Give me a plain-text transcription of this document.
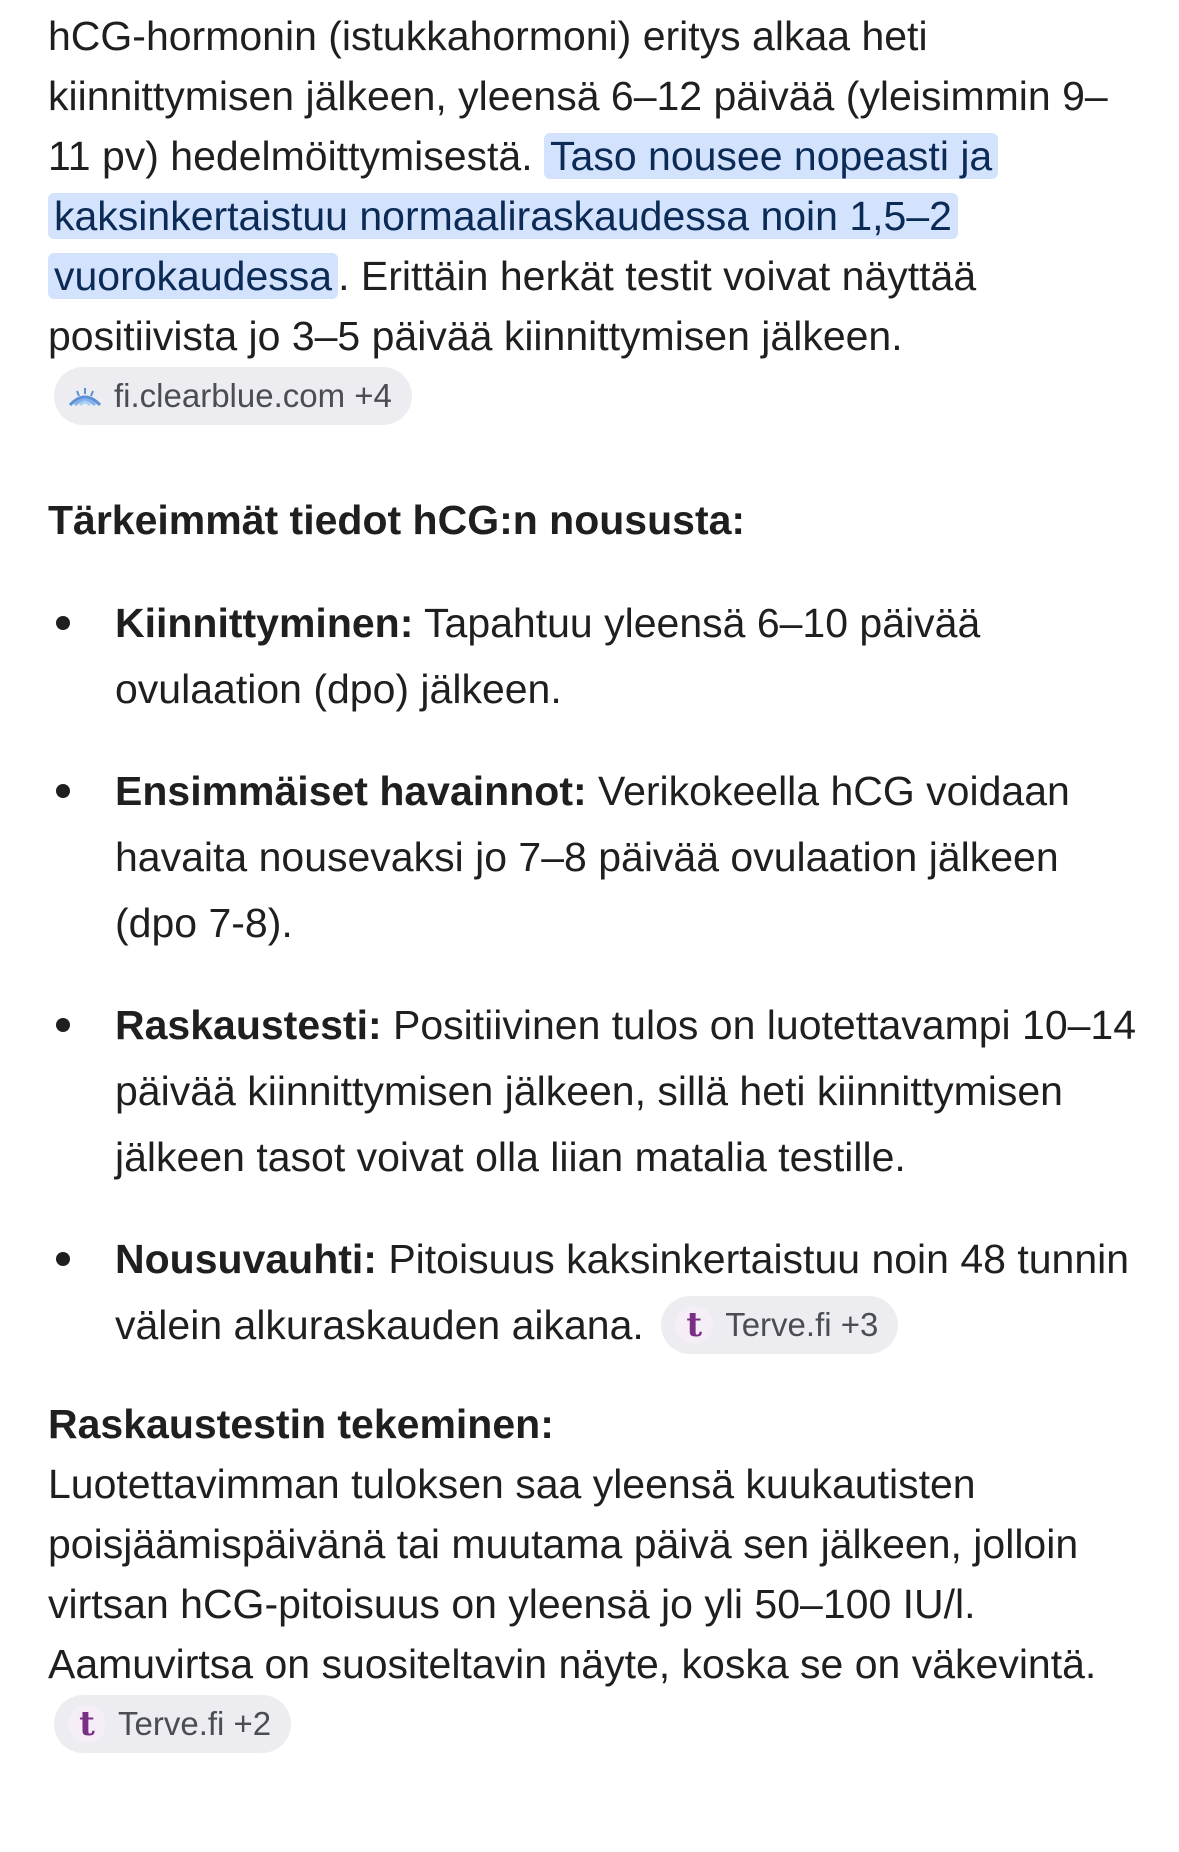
hCG-hormonin (istukkahormoni) eritys alkaa heti kiinnittymisen jälkeen, yleensä 6–12 päivää (yleisimmin 9–11 pv) hedelmöittymisestä. Taso nousee nopeasti ja kaksinkertaistuu normaaliraskaudessa noin 1,5–2 vuorokaudessa . Erittäin herkät testit voivat näyttää positiivista jo 3–5 päivää kiinnittymisen jälkeen.
fi.clearblue.com +4

Tärkeimmät tiedot hCG:n noususta:
Kiinnittyminen: Tapahtuu yleensä 6–10 päivää ovulaation (dpo) jälkeen.
Ensimmäiset havainnot: Verikokeella hCG voidaan havaita nousevaksi jo 7–8 päivää ovulaation jälkeen (dpo 7-8).
Raskaustesti: Positiivinen tulos on luotettavampi 10–14 päivää kiinnittymisen jälkeen, sillä heti kiinnittymisen jälkeen tasot voivat olla liian matalia testille.
Nousuvauhti: Pitoisuus kaksinkertaistuu noin 48 tunnin välein alkuraskauden aikana.	t Terve.fi +3
Raskaustestin tekeminen:

Luotettavimman tuloksen saa yleensä kuukautisten poisjäämispäivänä tai muutama päivä sen jälkeen, jolloin virtsan hCG-pitoisuus on yleensä jo yli 50–100 IU/l. Aamuvirtsa on suositeltavin näyte, koska se on väkevintä.
t Terve.fi +2
